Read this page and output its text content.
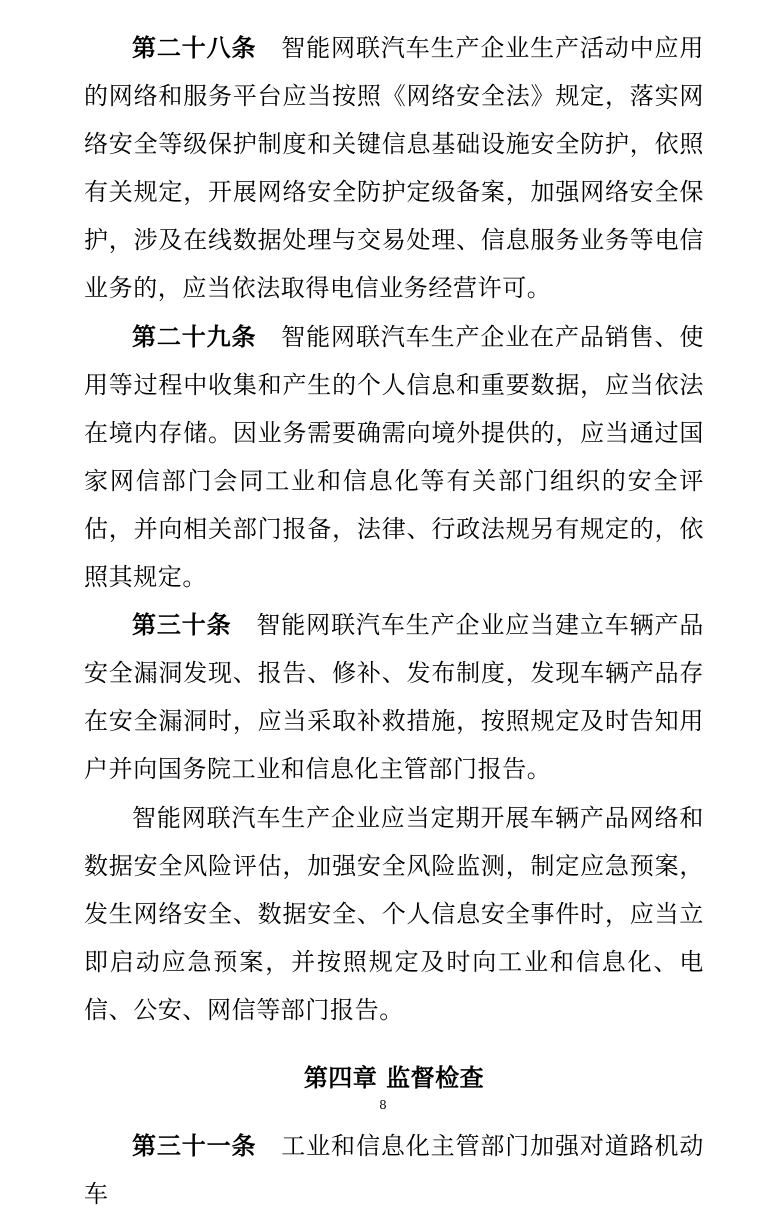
第二十八条　 智能网联汽车生产企业生产活动中应用的网络和服务平台应当按照《网络安全法》规定，落实网络安全等级保护制度和关键信息基础设施安全防护，依照有关规定，开展网络安全防护定级备案，加强网络安全保护，涉及在线数据处理与交易处理、信息服务业务等电信业务的，应当依法取得电信业务经营许可。

第二十九条　 智能网联汽车生产企业在产品销售、使用等过程中收集和产生的个人信息和重要数据，应当依法在境内存储。因业务需要确需向境外提供的，应当通过国家网信部门会同工业和信息化等有关部门组织的安全评估，并向相关部门报备，法律、行政法规另有规定的，依照其规定。

第三十条　 智能网联汽车生产企业应当建立车辆产品安全漏洞发现、报告、修补、发布制度，发现车辆产品存在安全漏洞时，应当采取补救措施，按照规定及时告知用户并向国务院工业和信息化主管部门报告。

智能网联汽车生产企业应当定期开展车辆产品网络和数据安全风险评估，加强安全风险监测，制定应急预案，发生网络安全、数据安全、个人信息安全事件时，应当立即启动应急预案，并按照规定及时向工业和信息化、电信、公安、网信等部门报告。

第四章 监督检查

第三十一条　 工业和信息化主管部门加强对道路机动车

8
